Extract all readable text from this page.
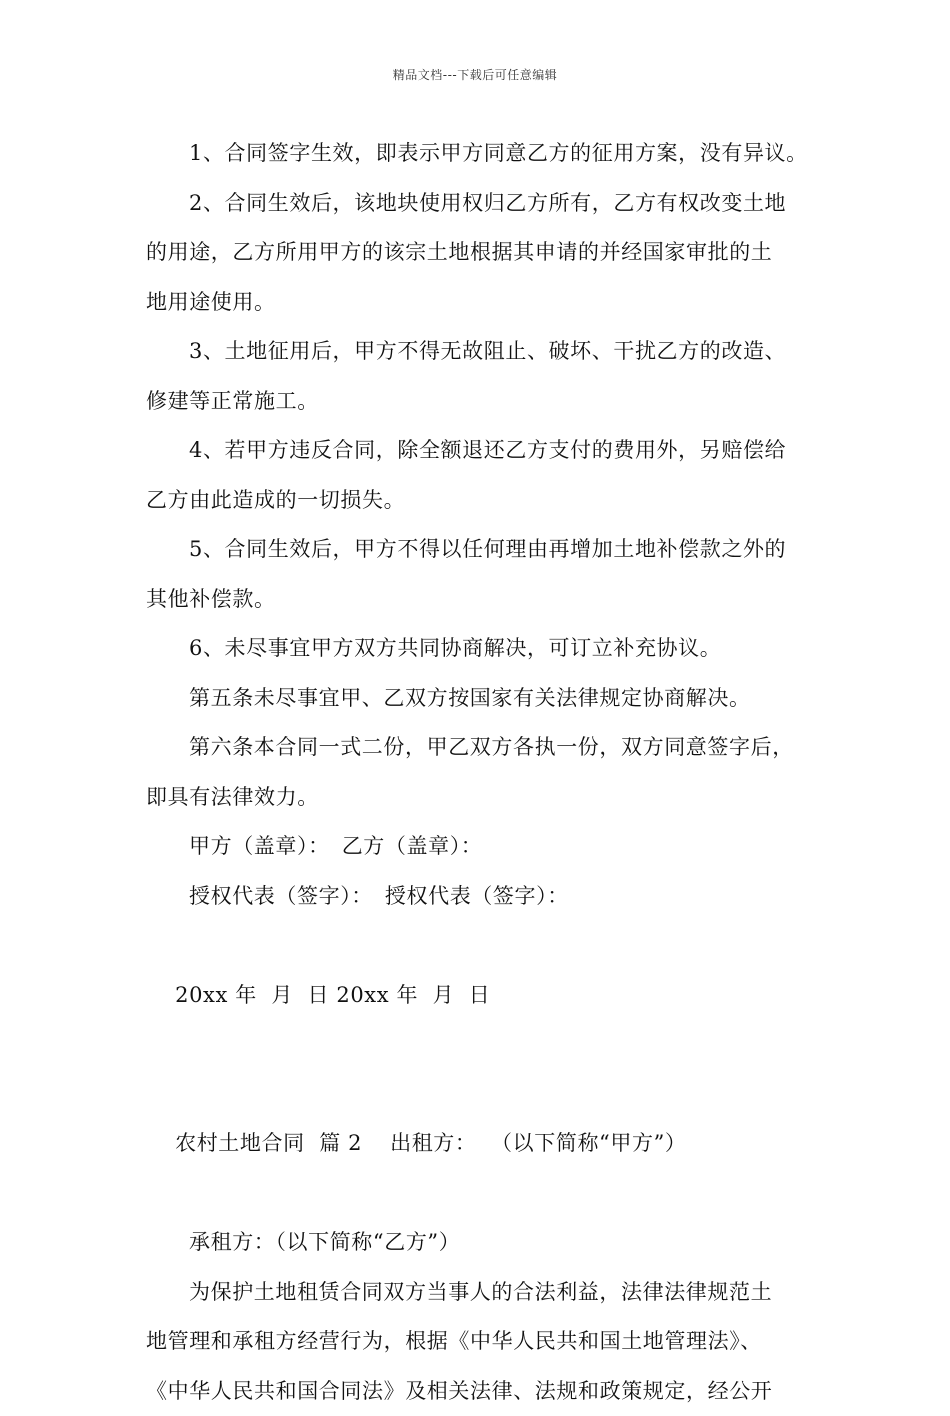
精品文档---下载后可任意编辑

1、合同签字生效，即表示甲方同意乙方的征用方案，没有异议。

2、合同生效后，该地块使用权归乙方所有，乙方有权改变土地

的用途，乙方所用甲方的该宗土地根据其申请的并经国家审批的土

地用途使用。

3、土地征用后，甲方不得无故阻止、破坏、干扰乙方的改造、

修建等正常施工。

4、若甲方违反合同，除全额退还乙方支付的费用外，另赔偿给

乙方由此造成的一切损失。

5、合同生效后，甲方不得以任何理由再增加土地补偿款之外的

其他补偿款。

6、未尽事宜甲方双方共同协商解决，可订立补充协议。

第五条未尽事宜甲、乙双方按国家有关法律规定协商解决。

第六条本合同一式二份，甲乙双方各执一份，双方同意签字后，

即具有法律效力。

甲方（盖章）： 乙方（盖章）：

授权代表（签字）： 授权代表（签字）：

20xx 年  月  日 20xx 年  月  日

农村土地合同  篇 2 出租方：  （以下简称“甲方”）

承租方：（以下简称“乙方”）

为保护土地租赁合同双方当事人的合法利益，法律法律规范土

地管理和承租方经营行为，根据《中华人民共和国土地管理法》、

《中华人民共和国合同法》及相关法律、法规和政策规定，经公开
